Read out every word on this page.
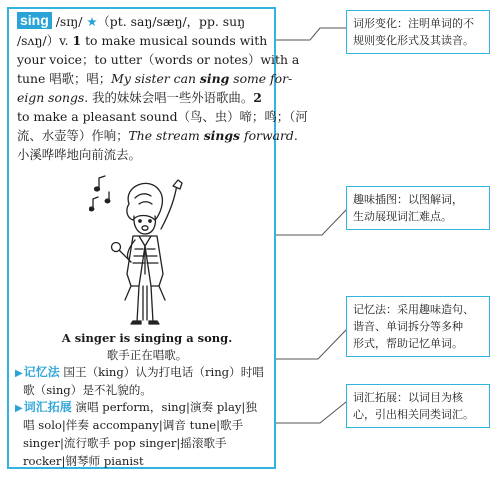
sing /sɪŋ/ ★（pt. saŋ/sæŋ/，pp. suŋ
/sʌŋ/）v. 1 to make musical sounds with
your voice；to utter（words or notes）with a
tune 唱歌；唱；My sister can sing some for-
eign songs. 我的妹妹会唱一些外语歌曲。2
to make a pleasant sound（鸟、虫）啼；鸣；（河
流、水壶等）作响；The stream sings forward.
小溪哗哗地向前流去。
A singer is singing a song.
歌手正在唱歌。
▶记忆法 国王（king）认为打电话（ring）时唱
歌（sing）是不礼貌的。
▶词汇拓展 演唱 perform，sing|演奏 play|独
唱 solo|伴奏 accompany|调音 tune|歌手
singer|流行歌手 pop singer|摇滚歌手
rocker|钢琴师 pianist
词形变化：注明单词的不
规则变化形式及其读音。
趣味插图：以图解词，
生动展现词汇难点。
记忆法：采用趣味造句、
谐音、单词拆分等多种
形式，帮助记忆单词。
词汇拓展：以词目为核
心，引出相关同类词汇。
